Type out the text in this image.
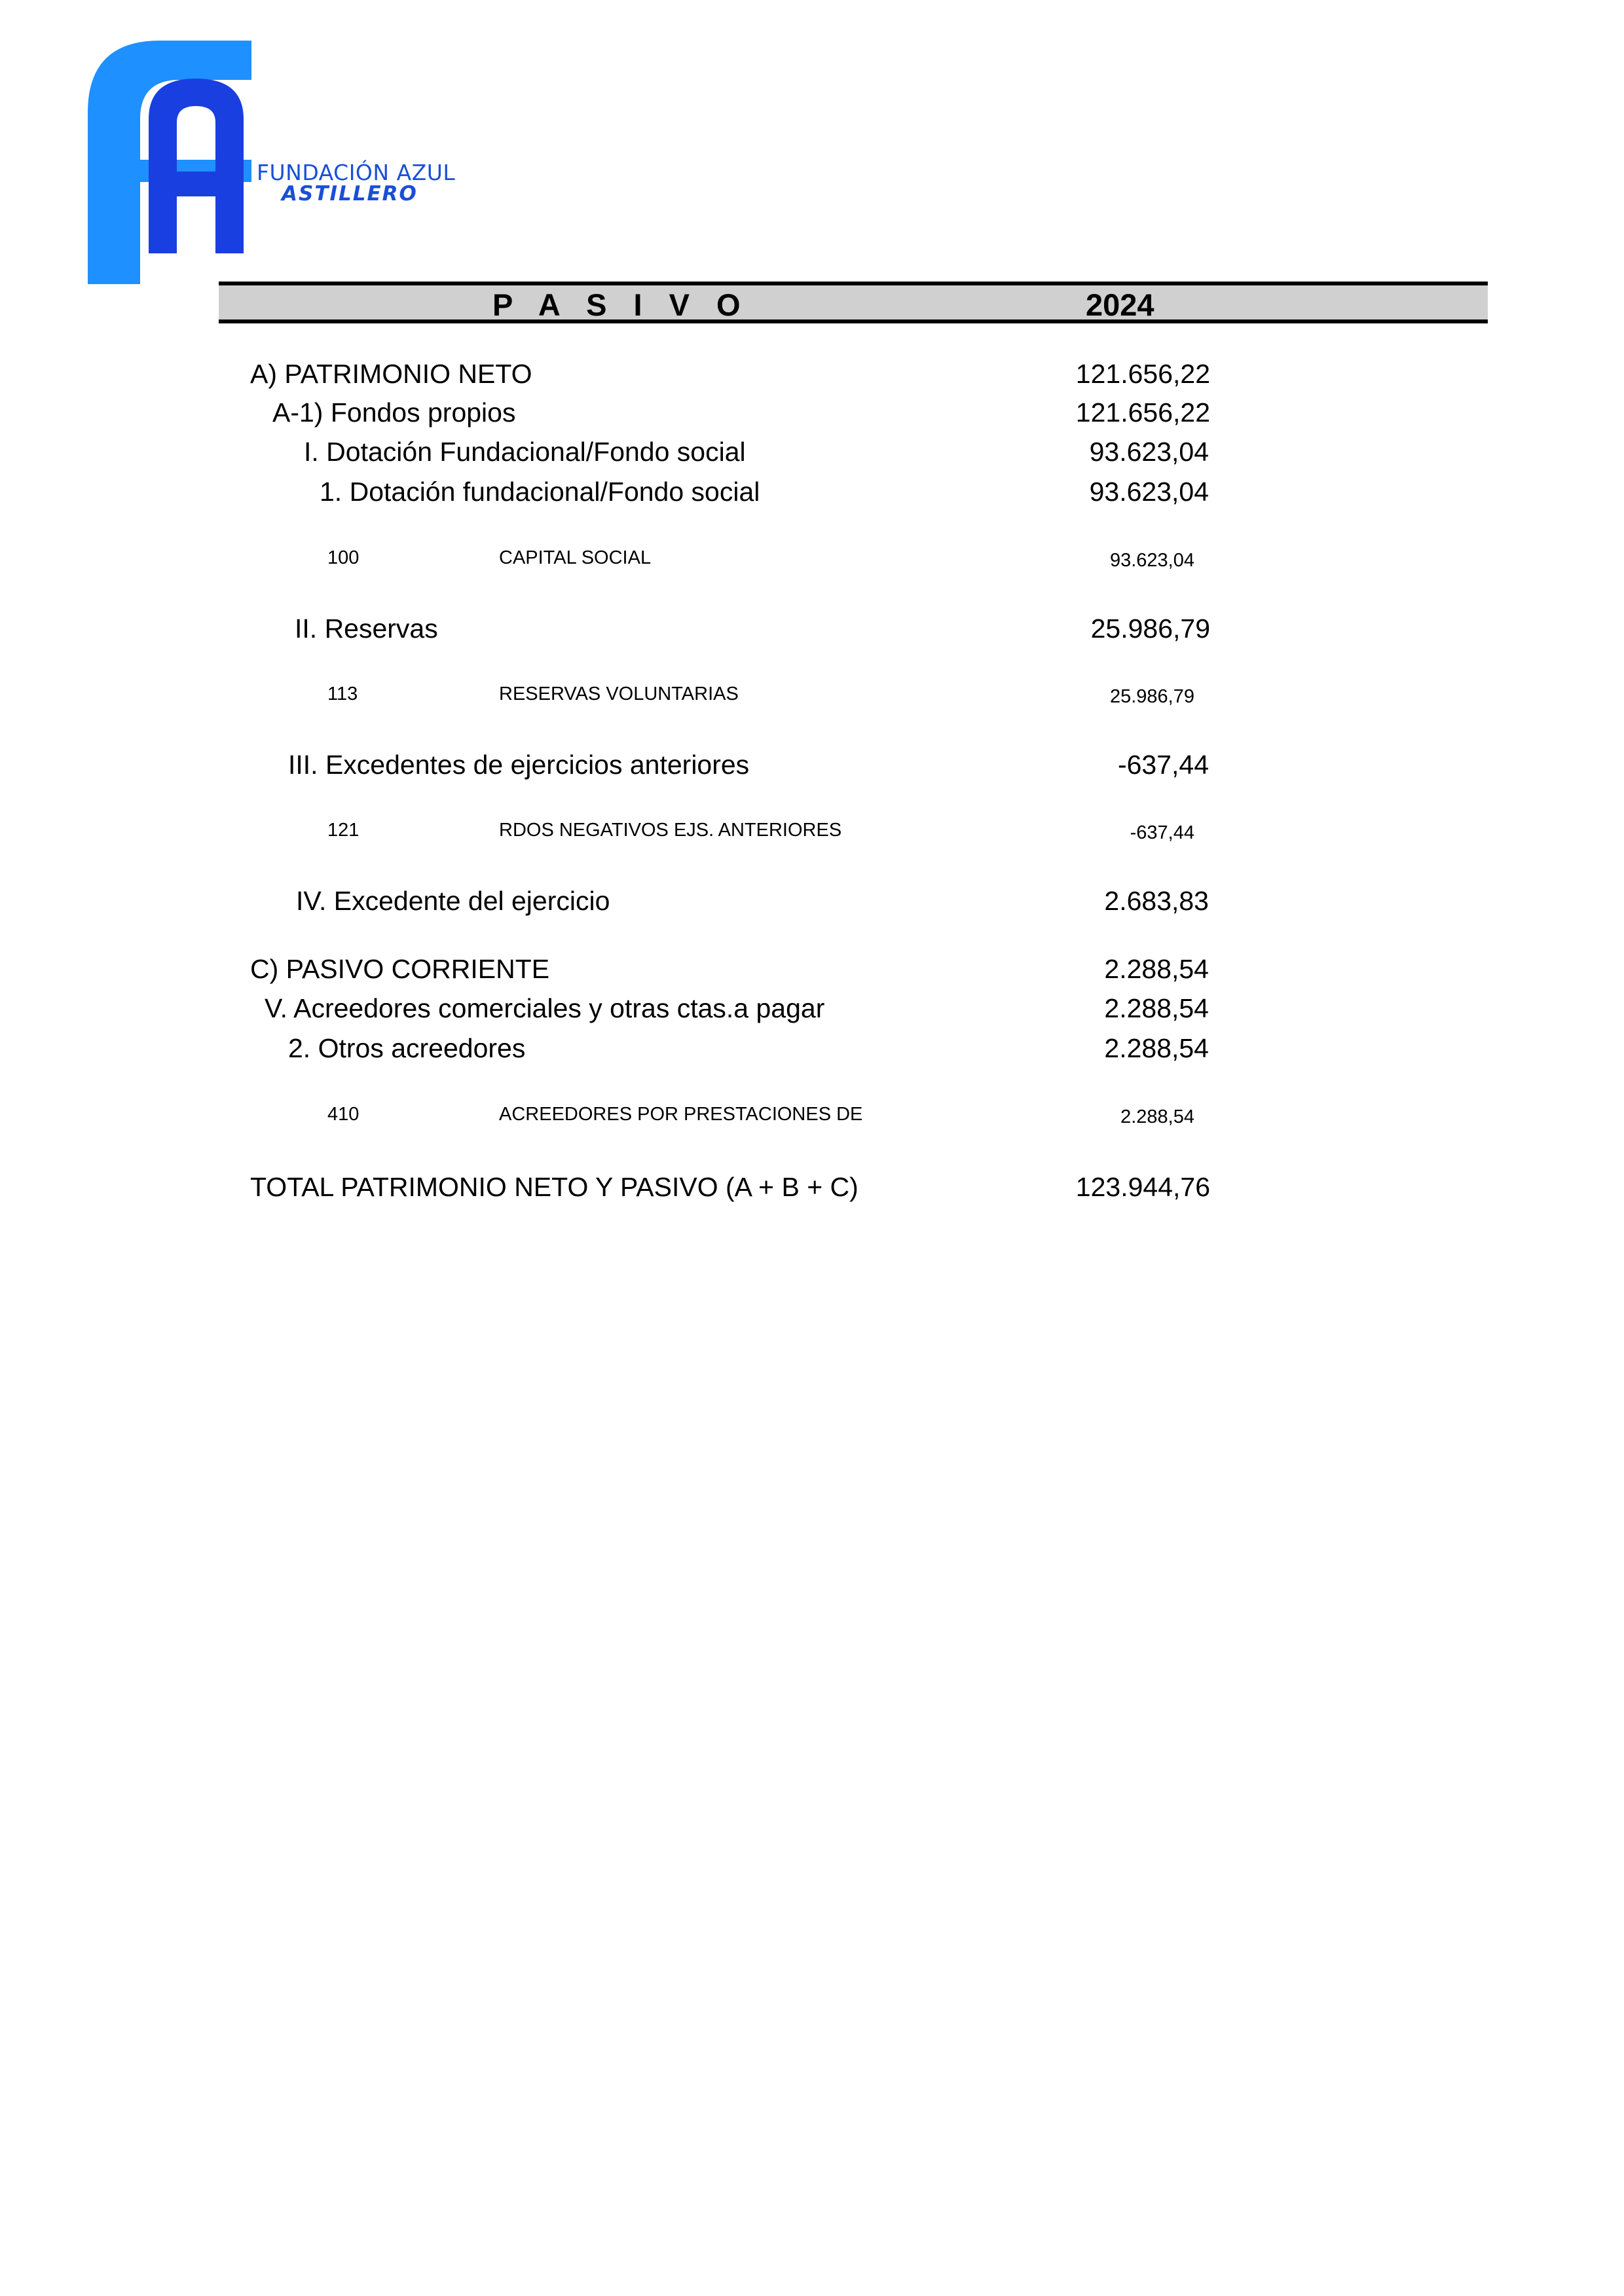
FUNDACIÓN AZUL
ASTILLERO
P A S I V O	2024
A) PATRIMONIO NETO	121.656,22
A-1) Fondos propios	121.656,22
I. Dotación Fundacional/Fondo social	93.623,04
1. Dotación fundacional/Fondo social	93.623,04
100	CAPITAL SOCIAL	93.623,04
II. Reservas	25.986,79
113	RESERVAS VOLUNTARIAS	25.986,79
III. Excedentes de ejercicios anteriores	-637,44
121	RDOS NEGATIVOS EJS. ANTERIORES	-637,44
IV. Excedente del ejercicio	2.683,83
C) PASIVO CORRIENTE	2.288,54
V. Acreedores comerciales y otras ctas.a pagar	2.288,54
2. Otros acreedores	2.288,54
410	ACREEDORES POR PRESTACIONES DE	2.288,54
TOTAL PATRIMONIO NETO Y PASIVO (A + B + C)	123.944,76
